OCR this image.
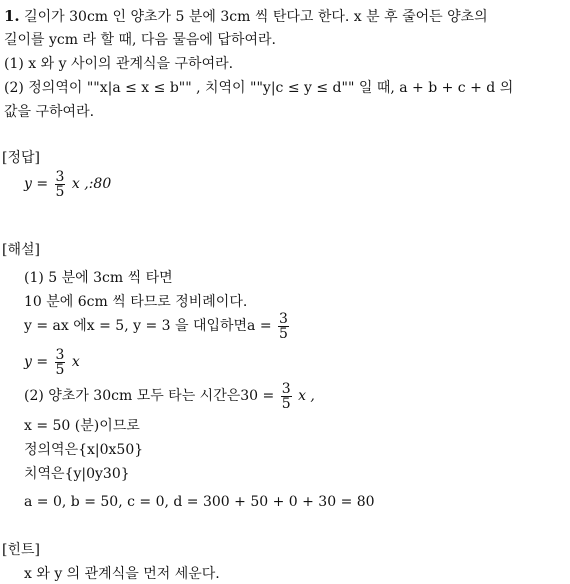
1. 길이가 30cm 인 양초가 5 분에 3cm 씩 탄다고 한다. x 분 후 줄어든 양초의
길이를 ycm 라 할 때, 다음 물음에 답하여라.
(1) x 와 y 사이의 관계식을 구하여라.
(2) 정의역이 ""x|a ≤ x ≤ b"" , 치역이 ""y|c ≤ y ≤ d"" 일 때, a + b + c + d 의
값을 구하여라.
[정답]
$y = \frac{3}{5}$ x ,:80
[해설]
(1) 5 분에 3cm 씩 타면
10 분에 6cm 씩 타므로 정비례이다.
y = ax 에x = 5, y = 3 을 대입하면$a = \frac{3}{5}$
$y = \frac{3}{5}$ x
(2) 양초가 30cm 모두 타는 시간은$30 = \frac{3}{5}$ x ,
x = 50 (분)이므로
정의역은{x|0x50}
치역은{y|0y30}
a = 0, b = 50, c = 0, d = 300 + 50 + 0 + 30 = 80
[힌트]
x 와 y 의 관계식을 먼저 세운다.
